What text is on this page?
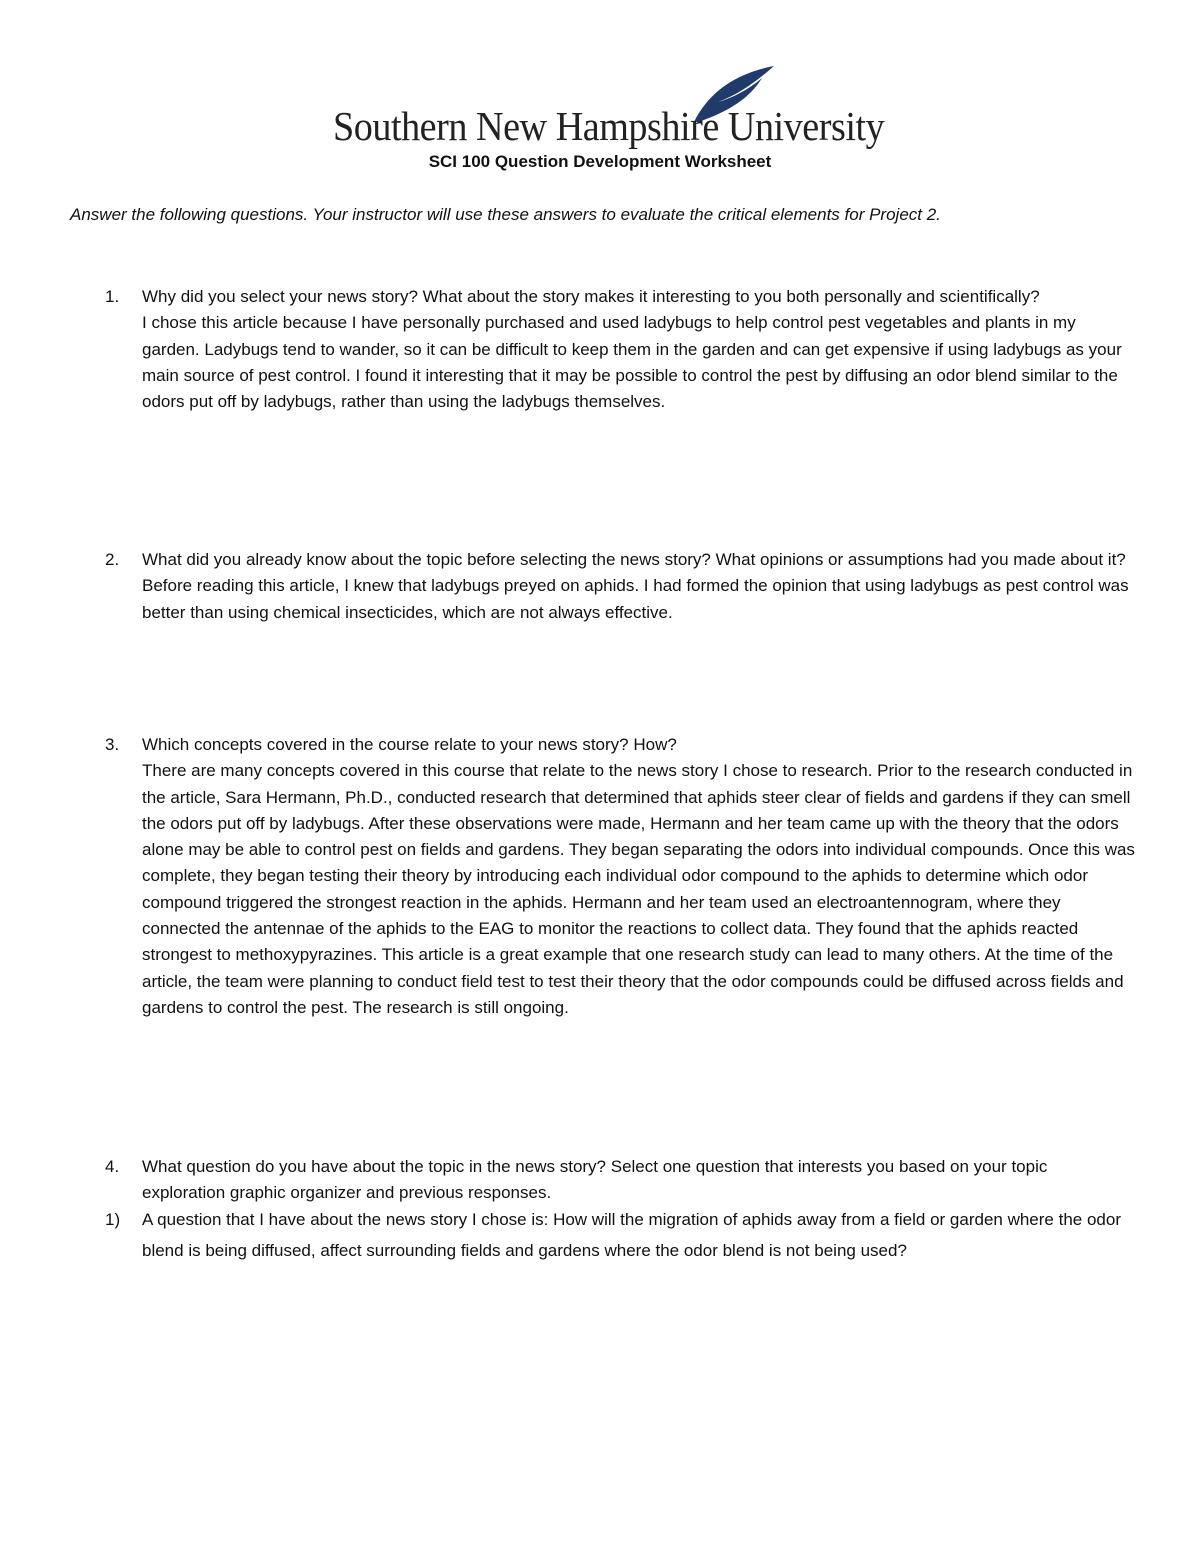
Southern New Hampshire University
SCI 100 Question Development Worksheet
Answer the following questions. Your instructor will use these answers to evaluate the critical elements for Project 2.
1. Why did you select your news story? What about the story makes it interesting to you both personally and scientifically?

I chose this article because I have personally purchased and used ladybugs to help control pest vegetables and plants in my garden. Ladybugs tend to wander, so it can be difficult to keep them in the garden and can get expensive if using ladybugs as your main source of pest control. I found it interesting that it may be possible to control the pest by diffusing an odor blend similar to the odors put off by ladybugs, rather than using the ladybugs themselves.

2. What did you already know about the topic before selecting the news story? What opinions or assumptions had you made about it?

Before reading this article, I knew that ladybugs preyed on aphids. I had formed the opinion that using ladybugs as pest control was better than using chemical insecticides, which are not always effective.

3. Which concepts covered in the course relate to your news story? How?

There are many concepts covered in this course that relate to the news story I chose to research. Prior to the research conducted in the article, Sara Hermann, Ph.D., conducted research that determined that aphids steer clear of fields and gardens if they can smell the odors put off by ladybugs. After these observations were made, Hermann and her team came up with the theory that the odors alone may be able to control pest on fields and gardens. They began separating the odors into individual compounds. Once this was complete, they began testing their theory by introducing each individual odor compound to the aphids to determine which odor compound triggered the strongest reaction in the aphids. Hermann and her team used an electroantennogram, where they connected the antennae of the aphids to the EAG to monitor the reactions to collect data. They found that the aphids reacted strongest to methoxypyrazines. This article is a great example that one research study can lead to many others. At the time of the article, the team were planning to conduct field test to test their theory that the odor compounds could be diffused across fields and gardens to control the pest. The research is still ongoing.

4. What question do you have about the topic in the news story? Select one question that interests you based on your topic exploration graphic organizer and previous responses.

1) A question that I have about the news story I chose is: How will the migration of aphids away from a field or garden where the odor blend is being diffused, affect surrounding fields and gardens where the odor blend is not being used?
